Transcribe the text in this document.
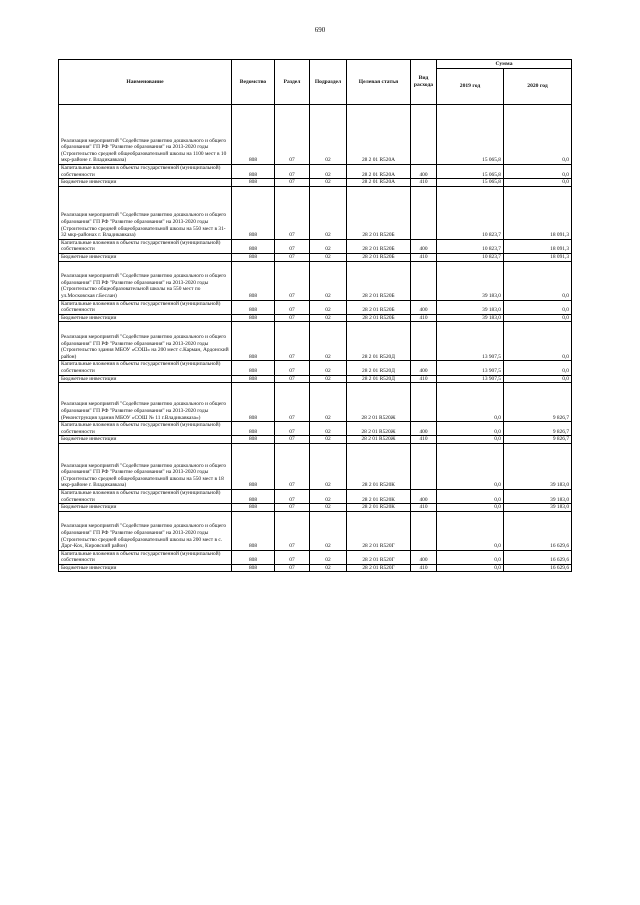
690
Наименование	Ведомство	Раздел	Подраздел	Целевая статья	Вид расхода	Сумма	
						2019 год	2020 год
Реализация мероприятий "Содействие развитию дошкольного и общего образования" ГП РФ "Развитие образования" на 2013-2020 годы (Строительство средней общеобразовательной школы на 1100 мест в 10 мкр-районе г. Владикавказа)	808	07	02	28 2 01 R520А		15 065,8	0,0
Капитальные вложения в объекты государственной (муниципальной) собственности	808	07	02	28 2 01 R520А	400	15 065,8	0,0
Бюджетные инвестиции	808	07	02	28 2 01 R520А	410	15 065,8	0,0
Реализация мероприятий "Содействие развитию дошкольного и общего образования" ГП РФ "Развитие образования" на 2013-2020 годы (Строительство средней общеобразовательной школы на 550 мест в 31-32 мкр-районах г. Владикавказа)	808	07	02	28 2 01 R520Б		10 823,7	18 091,3
Капитальные вложения в объекты государственной (муниципальной) собственности	808	07	02	28 2 01 R520Б	400	10 823,7	18 091,3
Бюджетные инвестиции	808	07	02	28 2 01 R520Б	410	10 823,7	18 091,3
Реализация мероприятий "Содействие развитию дошкольного и общего образования" ГП РФ "Развитие образования" на 2013-2020 годы (Строительство общеобразовательной школы на 550 мест по ул.Московская г.Беслан)	808	07	02	28 2 01 R520Б		39 183,0	0,0
Капитальные вложения в объекты государственной (муниципальной) собственности	808	07	02	28 2 01 R520Б	400	39 183,0	0,0
Бюджетные инвестиции	808	07	02	28 2 01 R520Б	410	39 183,0	0,0
Реализация мероприятий "Содействие развитию дошкольного и общего образования" ГП РФ "Развитие образования" на 2013-2020 годы (Строительство здания МБОУ «СОШ» на 200 мест с.Карман, Ардонский район)	808	07	02	28 2 01 R520Д		13 907,5	0,0
Капитальные вложения в объекты государственной (муниципальной) собственности	808	07	02	28 2 01 R520Д	400	13 907,5	0,0
Бюджетные инвестиции	808	07	02	28 2 01 R520Д	410	13 907,5	0,0
Реализация мероприятий "Содействие развитию дошкольного и общего образования" ГП РФ "Развитие образования" на 2013-2020 годы (Реконструкция здания МБОУ «СОШ № 11 г.Владикавказа»)	808	07	02	28 2 01 R520Ж		0,0	9 826,7
Капитальные вложения в объекты государственной (муниципальной) собственности	808	07	02	28 2 01 R520Ж	400	0,0	9 826,7
Бюджетные инвестиции	808	07	02	28 2 01 R520Ж	410	0,0	9 826,7
Реализация мероприятий "Содействие развитию дошкольного и общего образования" ГП РФ "Развитие образования" на 2013-2020 годы (Строительство средней общеобразовательной школы на 550 мест в 18 мкр-районе г. Владикавказа)	808	07	02	28 2 01 R520К		0,0	39 183,0
Капитальные вложения в объекты государственной (муниципальной) собственности	808	07	02	28 2 01 R520К	400	0,0	39 183,0
Бюджетные инвестиции	808	07	02	28 2 01 R520К	410	0,0	39 183,0
Реализация мероприятий "Содействие развитию дошкольного и общего образования" ГП РФ "Развитие образования" на 2013-2020 годы (Строительство средней общеобразовательной школы на 200 мест в с. Дарг-Кох, Кировский район)	808	07	02	28 2 01 R520Г		0,0	16 629,6
Капитальные вложения в объекты государственной (муниципальной) собственности	808	07	02	28 2 01 R520Г	400	0,0	16 629,6
Бюджетные инвестиции	808	07	02	28 2 01 R520Г	410	0,0	16 629,6
